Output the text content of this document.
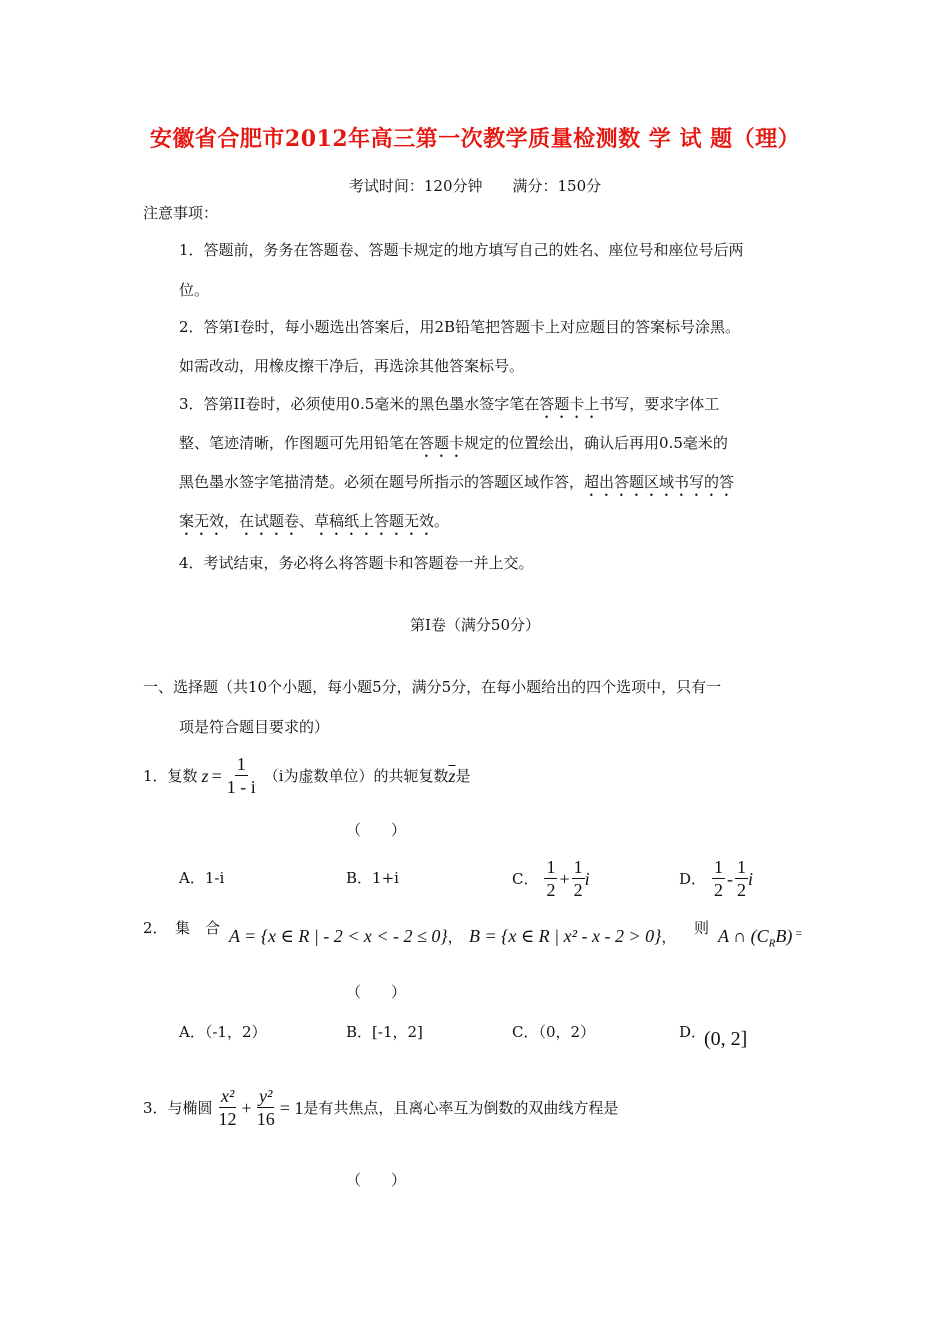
安徽省合肥市2012年高三第一次教学质量检测数 学 试 题（理）
考试时间：120分钟　　满分：150分
注意事项：
1．答题前，务务在答题卷、答题卡规定的地方填写自己的姓名、座位号和座位号后两
位。
2．答第Ⅰ卷时，每小题选出答案后，用2B铅笔把答题卡上对应题目的答案标号涂黑。
如需改动，用橡皮擦干净后，再选涂其他答案标号。
3．答第II卷时，必须使用0.5毫米的黑色墨水签字笔在答题卡上书写，要求字体工
整、笔迹清晰，作图题可先用铅笔在答题卡规定的位置绘出，确认后再用0.5毫米的
黑色墨水签字笔描清楚。必须在题号所指示的答题区域作答，超出答题区域书写的答
案无效，在试题卷、草稿纸上答题无效。
4．考试结束，务必将么将答题卡和答题卷一并上交。
第Ⅰ卷（满分50分）
一、选择题（共10个小题，每小题5分，满分5分，在每小题给出的四个选项中，只有一
项是符合题目要求的）
1．复数 $z = \frac{1}{1 - i} (i$为虚数单位）的共轭复数 $\overline{z}$ 是
（　　）
A．1-i	B．1+i	C． $\frac{1}{2} + \frac{1}{2}$ i	D． $\frac{1}{2} - \frac{1}{2}$ i
2．　集　合 A = {x ∈ R | - 2 < x < - 2 ≤ 0}， B = {x ∈ R | x² - x - 2 > 0}，
则 A ∩ $(C_RB)$ =
（　　）
A．（-1，2）	B．[-1，2]	C．（0，2）	D．
(0, 2]
3．与椭圆 $\frac{\text{x²}}{12} + \frac{\text{y²}}{16} = 1$ 是有共焦点，且离心率互为倒数的双曲线方程是
（　　）
